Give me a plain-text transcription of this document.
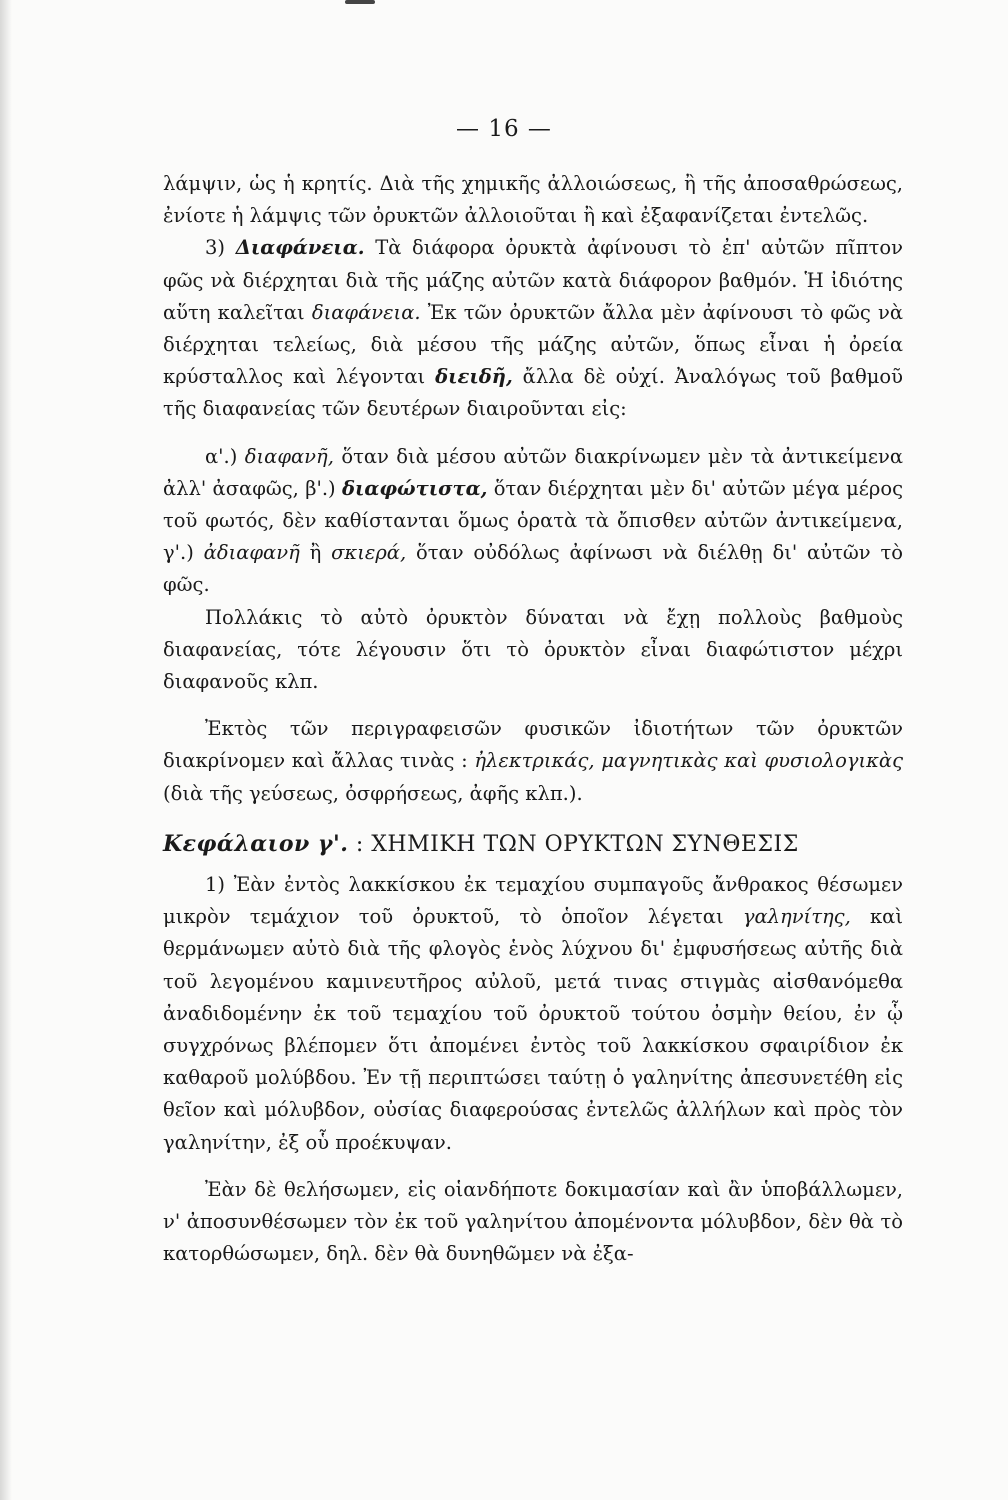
— 16 —

λάμψιν, ὡς ἡ κρητίς. Διὰ τῆς χημικῆς ἀλλοιώσεως, ἢ τῆς ἀποσαθρώσεως, ἐνίοτε ἡ λάμψις τῶν ὀρυκτῶν ἀλλοιοῦται ἢ καὶ ἐξαφανίζεται ἐντελῶς.

3) Διαφάνεια. Τὰ διάφορα ὀρυκτὰ ἀφίνουσι τὸ ἐπ' αὐτῶν πῖπτον φῶς νὰ διέρχηται διὰ τῆς μάζης αὐτῶν κατὰ διάφορον βαθμόν. Ἡ ἰδιότης αὕτη καλεῖται διαφάνεια. Ἐκ τῶν ὀρυκτῶν ἄλλα μὲν ἀφίνουσι τὸ φῶς νὰ διέρχηται τελείως, διὰ μέσου τῆς μάζης αὐτῶν, ὅπως εἶναι ἡ ὀρεία κρύσταλλος καὶ λέγονται διειδῆ, ἄλλα δὲ οὐχί. Ἀναλόγως τοῦ βαθμοῦ τῆς διαφανείας τῶν δευτέρων διαιροῦνται εἰς:

α'.) διαφανῆ, ὅταν διὰ μέσου αὐτῶν διακρίνωμεν μὲν τὰ ἀντικείμενα ἀλλ' ἀσαφῶς, β'.) διαφώτιστα, ὅταν διέρχηται μὲν δι' αὐτῶν μέγα μέρος τοῦ φωτός, δὲν καθίστανται ὅμως ὁρατὰ τὰ ὄπισθεν αὐτῶν ἀντικείμενα, γ'.) ἀδιαφανῆ ἢ σκιερά, ὅταν οὐδόλως ἀφίνωσι νὰ διέλθῃ δι' αὐτῶν τὸ φῶς.

Πολλάκις τὸ αὐτὸ ὀρυκτὸν δύναται νὰ ἔχῃ πολλοὺς βαθμοὺς διαφανείας, τότε λέγουσιν ὅτι τὸ ὀρυκτὸν εἶναι διαφώτιστον μέχρι διαφανοῦς κλπ.

Ἐκτὸς τῶν περιγραφεισῶν φυσικῶν ἰδιοτήτων τῶν ὀρυκτῶν διακρίνομεν καὶ ἄλλας τινὰς : ἠλεκτρικάς, μαγνητικὰς καὶ φυσιολογικὰς (διὰ τῆς γεύσεως, ὀσφρήσεως, ἀφῆς κλπ.).

Κεφάλαιον γ'. : ΧΗΜΙΚΗ ΤΩΝ ΟΡΥΚΤΩΝ ΣΥΝΘΕΣΙΣ

1) Ἐὰν ἐντὸς λακκίσκου ἐκ τεμαχίου συμπαγοῦς ἄνθρακος θέσωμεν μικρὸν τεμάχιον τοῦ ὀρυκτοῦ, τὸ ὁποῖον λέγεται γαληνίτης, καὶ θερμάνωμεν αὐτὸ διὰ τῆς φλογὸς ἑνὸς λύχνου δι' ἐμφυσήσεως αὐτῆς διὰ τοῦ λεγομένου καμινευτῆρος αὐλοῦ, μετά τινας στιγμὰς αἰσθανόμεθα ἀναδιδομένην ἐκ τοῦ τεμαχίου τοῦ ὀρυκτοῦ τούτου ὀσμὴν θείου, ἐν ᾧ συγχρόνως βλέπομεν ὅτι ἀπομένει ἐντὸς τοῦ λακκίσκου σφαιρίδιον ἐκ καθαροῦ μολύβδου. Ἐν τῇ περιπτώσει ταύτῃ ὁ γαληνίτης ἀπεσυνετέθη εἰς θεῖον καὶ μόλυβδον, οὐσίας διαφερούσας ἐντελῶς ἀλλήλων καὶ πρὸς τὸν γαληνίτην, ἐξ οὗ προέκυψαν.

Ἐὰν δὲ θελήσωμεν, εἰς οἱανδήποτε δοκιμασίαν καὶ ἂν ὑποβάλλωμεν, ν' ἀποσυνθέσωμεν τὸν ἐκ τοῦ γαληνίτου ἀπομένοντα μόλυβδον, δὲν θὰ τὸ κατορθώσωμεν, δηλ. δὲν θὰ δυνηθῶμεν νὰ ἐξα-
